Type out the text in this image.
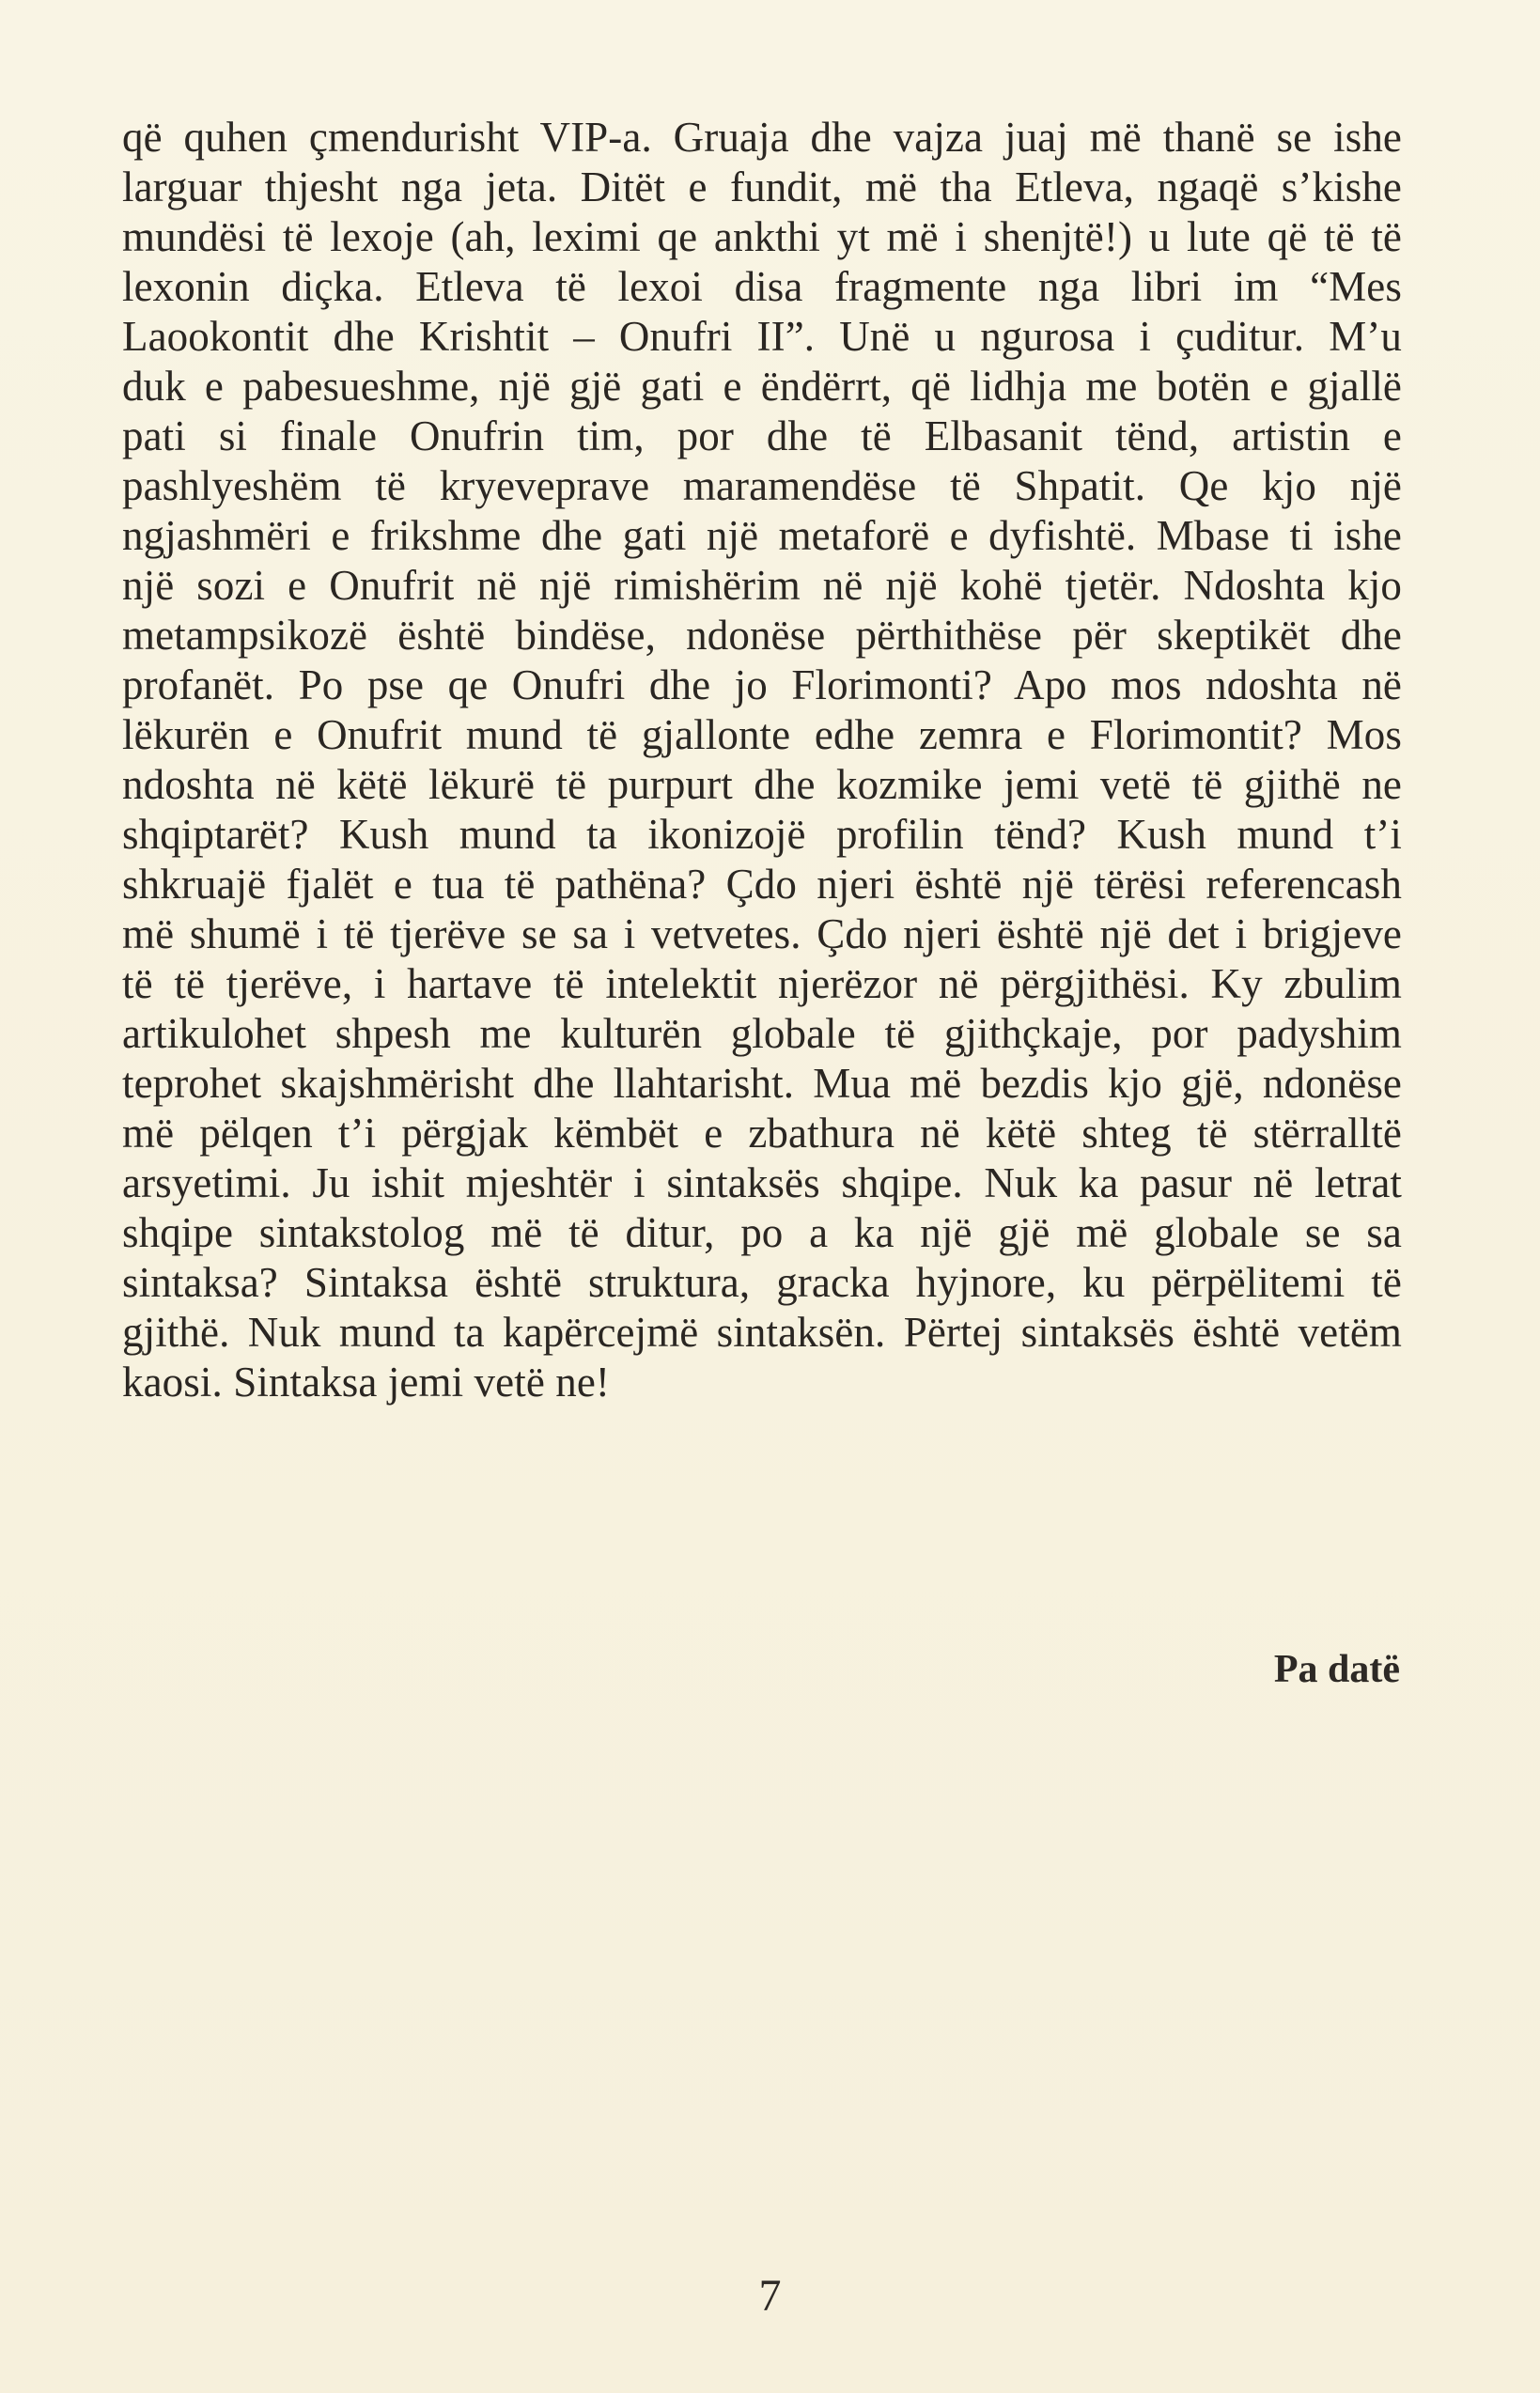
që quhen çmendurisht VIP-a. Gruaja dhe vajza juaj më thanë se ishe
larguar thjesht nga jeta. Ditët e fundit, më tha Etleva, ngaqë s’kishe
mundësi të lexoje (ah, leximi qe ankthi yt më i shenjtë!) u lute që të të
lexonin diçka. Etleva të lexoi disa fragmente nga libri im “Mes
Laookontit dhe Krishtit – Onufri II”. Unë u ngurosa i çuditur. M’u
duk e pabesueshme, një gjë gati e ëndërrt, që lidhja me botën e gjallë
pati si finale Onufrin tim, por dhe të Elbasanit tënd, artistin e
pashlyeshëm të kryeveprave maramendëse të Shpatit. Qe kjo një
ngjashmëri e frikshme dhe gati një metaforë e dyfishtë. Mbase ti ishe
një sozi e Onufrit në një rimishërim në një kohë tjetër. Ndoshta kjo
metampsikozë është bindëse, ndonëse përthithëse për skeptikët dhe
profanët. Po pse qe Onufri dhe jo Florimonti? Apo mos ndoshta në
lëkurën e Onufrit mund të gjallonte edhe zemra e Florimontit? Mos
ndoshta në këtë lëkurë të purpurt dhe kozmike jemi vetë të gjithë ne
shqiptarët? Kush mund ta ikonizojë profilin tënd? Kush mund t’i
shkruajë fjalët e tua të pathëna? Çdo njeri është një tërësi referencash
më shumë i të tjerëve se sa i vetvetes. Çdo njeri është një det i brigjeve
të të tjerëve, i hartave të intelektit njerëzor në përgjithësi. Ky zbulim
artikulohet shpesh me kulturën globale të gjithçkaje, por padyshim
teprohet skajshmërisht dhe llahtarisht. Mua më bezdis kjo gjë, ndonëse
më pëlqen t’i përgjak këmbët e zbathura në këtë shteg të stërralltë
arsyetimi. Ju ishit mjeshtër i sintaksës shqipe. Nuk ka pasur në letrat
shqipe sintakstolog më të ditur, po a ka një gjë më globale se sa
sintaksa? Sintaksa është struktura, gracka hyjnore, ku përpëlitemi të
gjithë. Nuk mund ta kapërcejmë sintaksën. Përtej sintaksës është vetëm
kaosi. Sintaksa jemi vetë ne!
Pa datë
7
